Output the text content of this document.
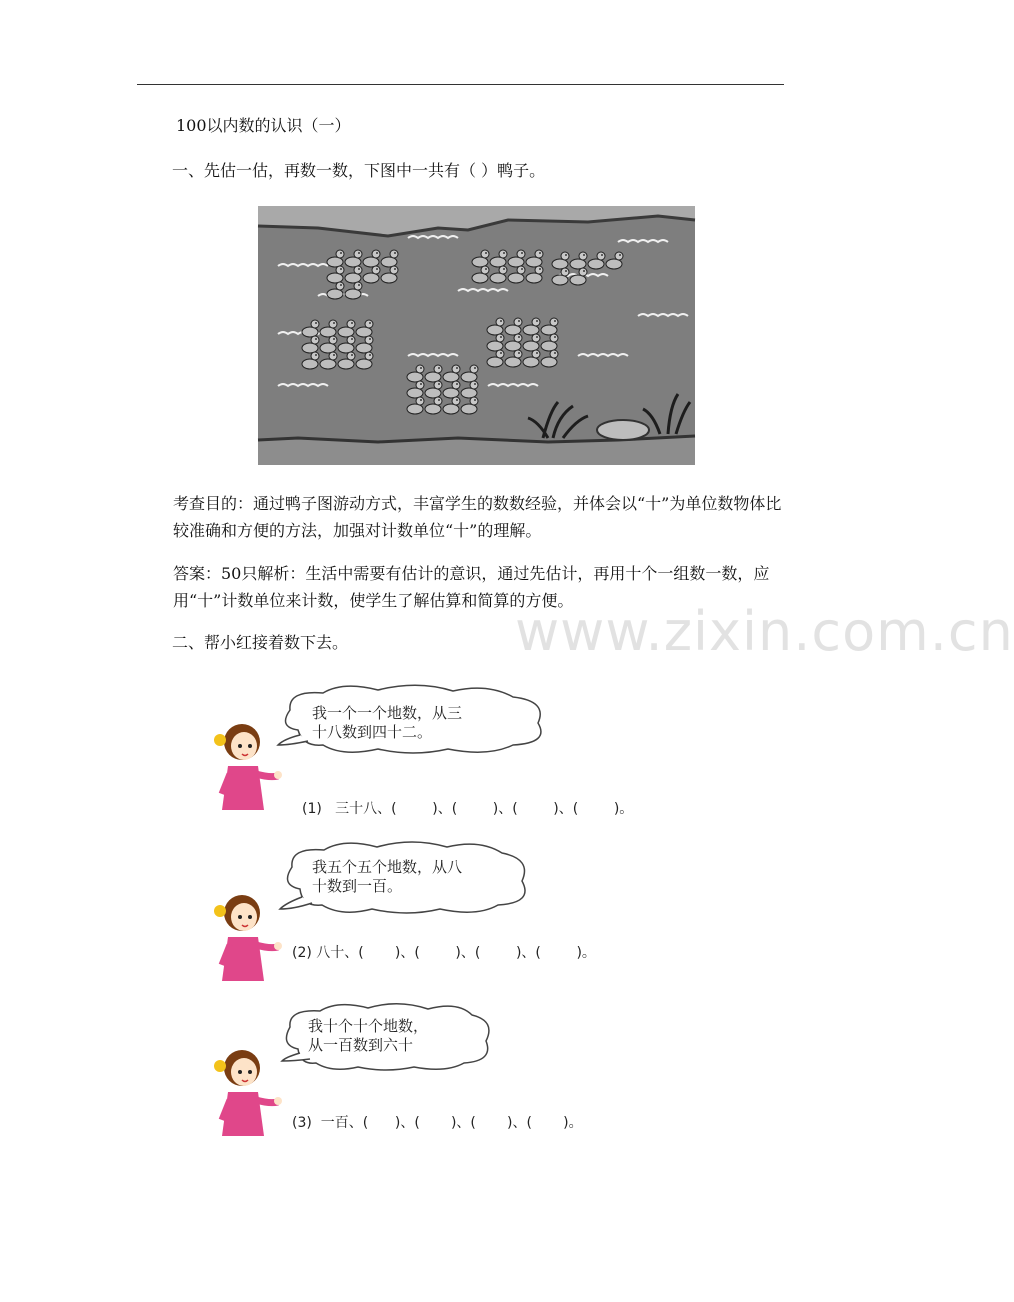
100以内数的认识（一）
一、先估一估，再数一数，下图中一共有（ ）鸭子。
考查目的：通过鸭子图游动方式，丰富学生的数数经验，并体会以“十”为单位数物体比较准确和方便的方法，加强对计数单位“十”的理解。
答案：50只解析：生活中需要有估计的意识，通过先估计，再用十个一组数一数，应用“十”计数单位来计数，使学生了解估算和简算的方便。
二、帮小红接着数下去。	www.zixin.com.cn
我一个一个地数，从三
十八数到四十二。
(1)   三十八、(        )、(        )、(        )、(        )。
我五个五个地数，从八
十数到一百。
(2) 八十、(       )、(        )、(        )、(        )。
我十个十个地数，
从一百数到六十
(3)  一百、(      )、(       )、(       )、(       )。
